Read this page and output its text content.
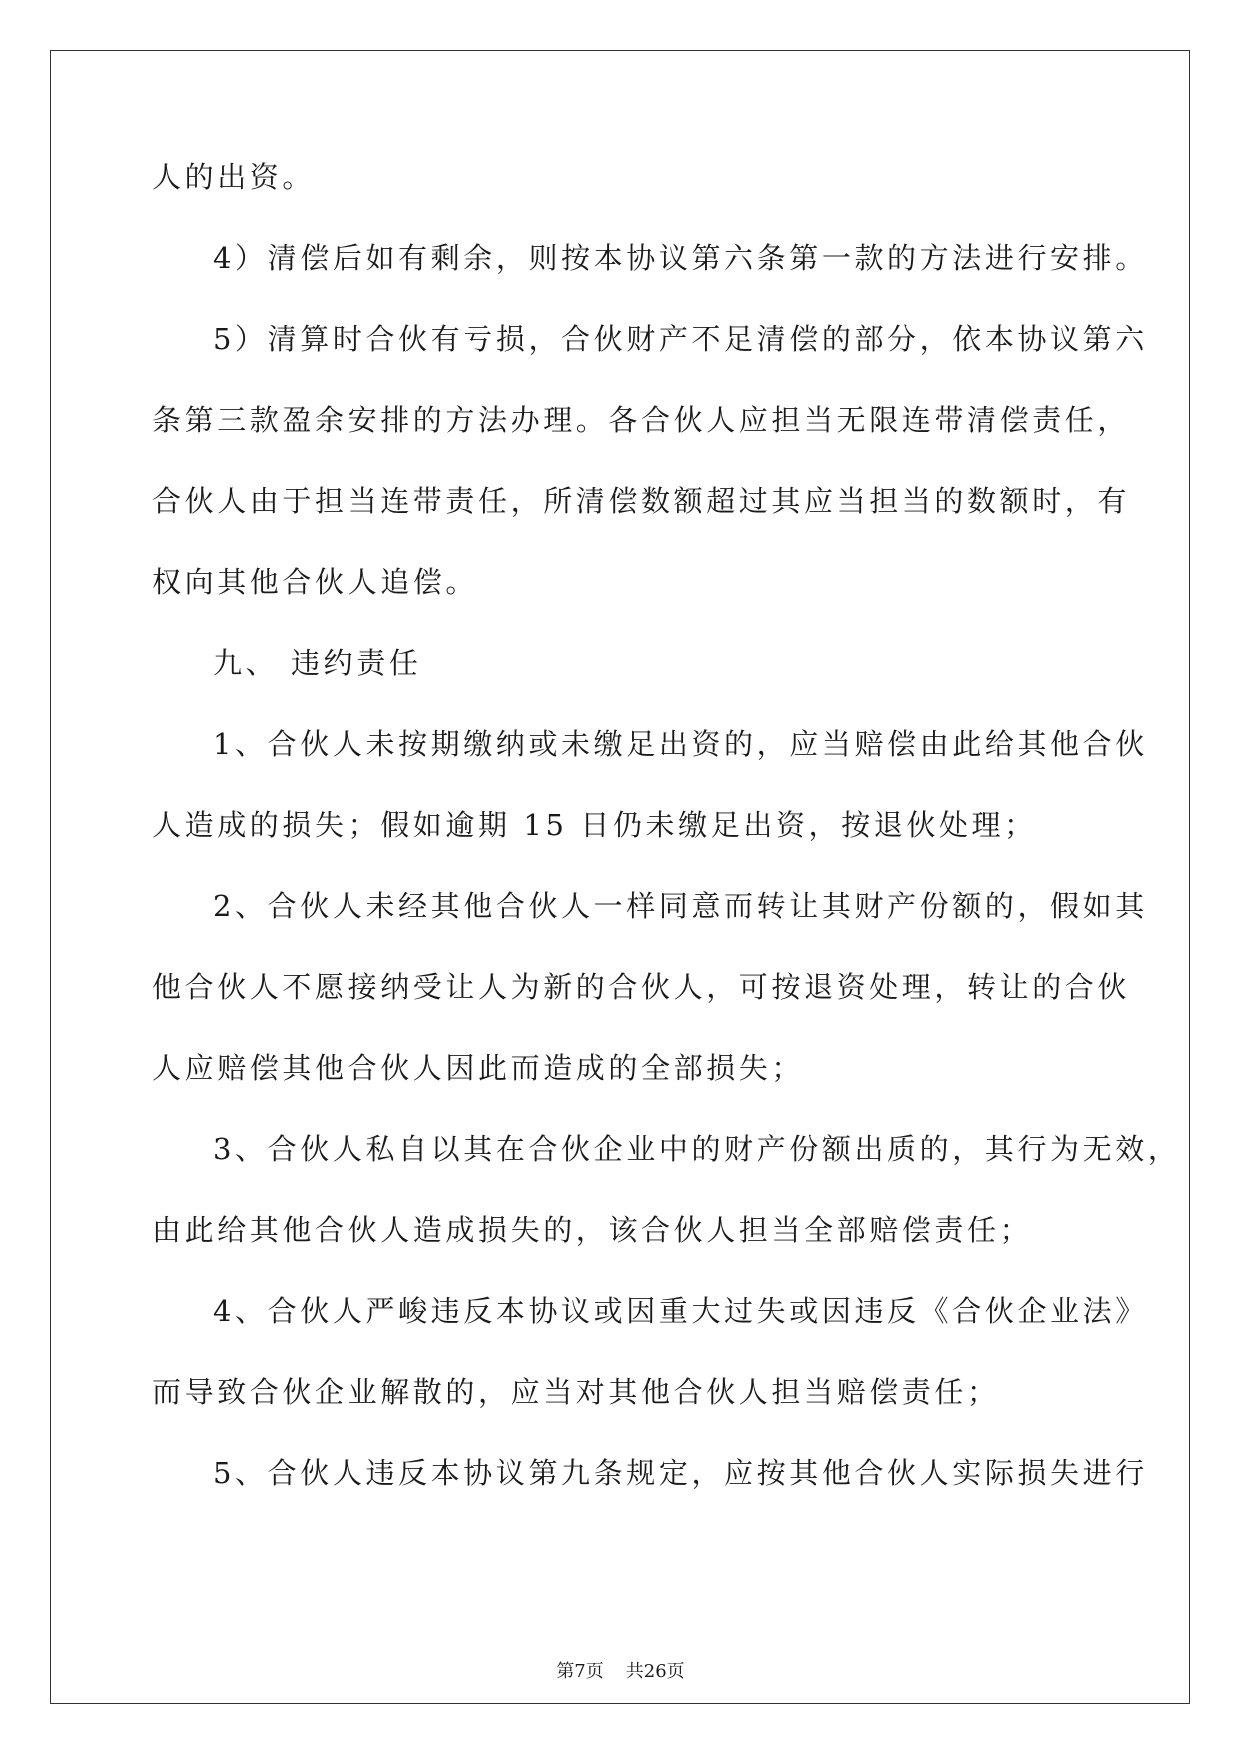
人的出资。
4）清偿后如有剩余，则按本协议第六条第一款的方法进行安排。
5）清算时合伙有亏损，合伙财产不足清偿的部分，依本协议第六
条第三款盈余安排的方法办理。各合伙人应担当无限连带清偿责任，
合伙人由于担当连带责任，所清偿数额超过其应当担当的数额时，有
权向其他合伙人追偿。
九、 违约责任
1、合伙人未按期缴纳或未缴足出资的，应当赔偿由此给其他合伙
人造成的损失；假如逾期 15 日仍未缴足出资，按退伙处理；
2、合伙人未经其他合伙人一样同意而转让其财产份额的，假如其
他合伙人不愿接纳受让人为新的合伙人，可按退资处理，转让的合伙
人应赔偿其他合伙人因此而造成的全部损失；
3、合伙人私自以其在合伙企业中的财产份额出质的，其行为无效，
由此给其他合伙人造成损失的，该合伙人担当全部赔偿责任；
4、合伙人严峻违反本协议或因重大过失或因违反《合伙企业法》
而导致合伙企业解散的，应当对其他合伙人担当赔偿责任；
5、合伙人违反本协议第九条规定，应按其他合伙人实际损失进行
第7页 共26页
